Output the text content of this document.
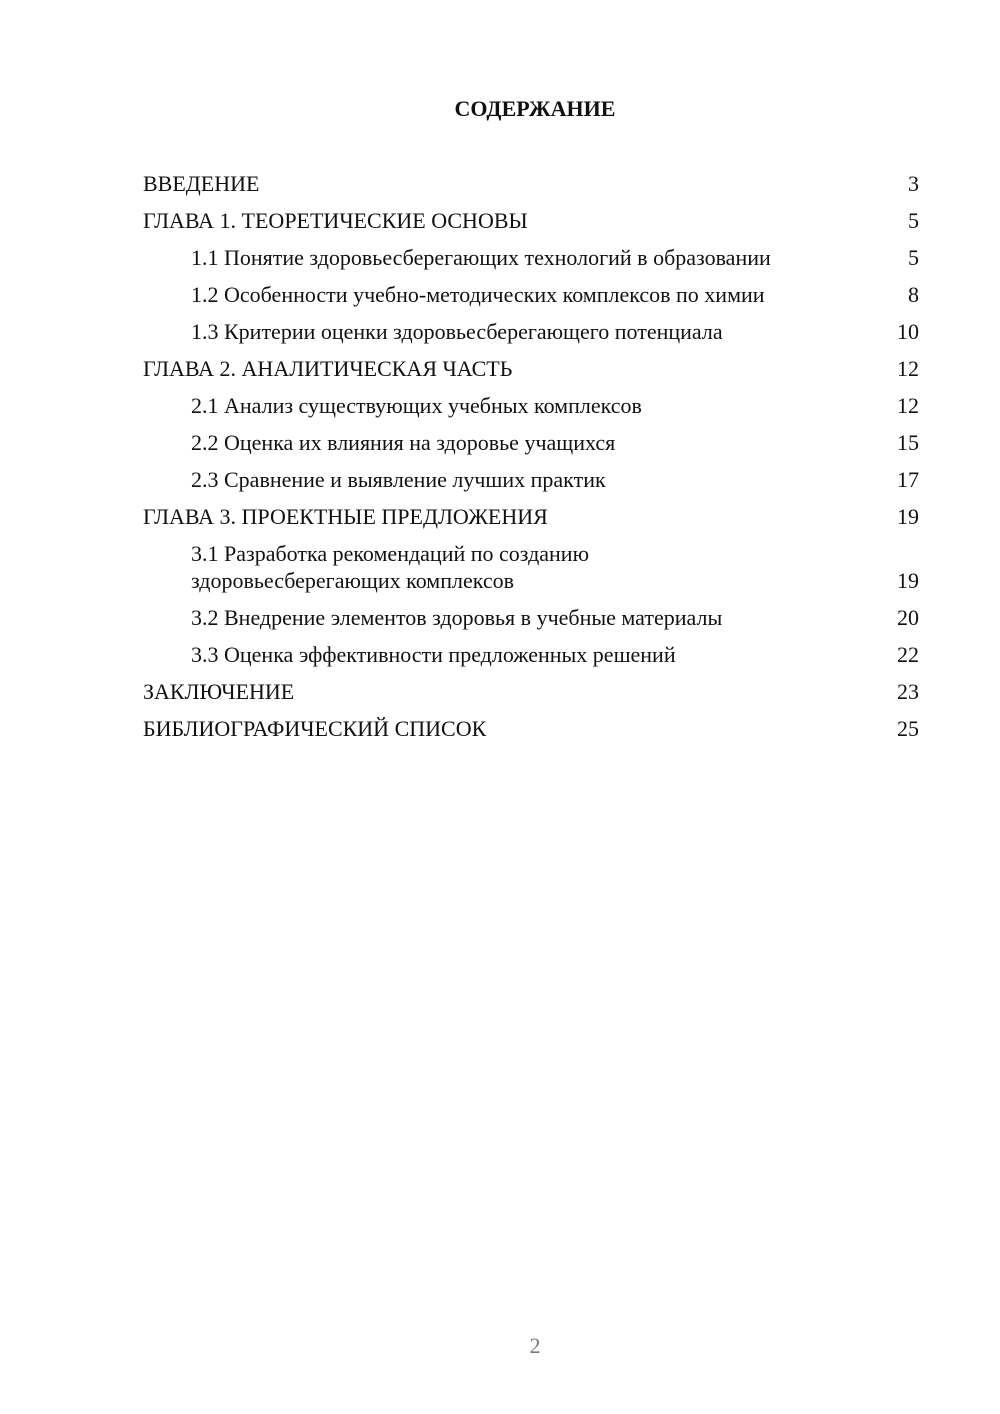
СОДЕРЖАНИЕ
ВВЕДЕНИЕ	3
ГЛАВА 1. ТЕОРЕТИЧЕСКИЕ ОСНОВЫ	5
1.1 Понятие здоровьесберегающих технологий в образовании	5
1.2 Особенности учебно-методических комплексов по химии	8
1.3 Критерии оценки здоровьесберегающего потенциала	10
ГЛАВА 2. АНАЛИТИЧЕСКАЯ ЧАСТЬ	12
2.1 Анализ существующих учебных комплексов	12
2.2 Оценка их влияния на здоровье учащихся	15
2.3 Сравнение и выявление лучших практик	17
ГЛАВА 3. ПРОЕКТНЫЕ ПРЕДЛОЖЕНИЯ	19
3.1 Разработка рекомендаций по созданию здоровьесберегающих комплексов	19
3.2 Внедрение элементов здоровья в учебные материалы	20
3.3 Оценка эффективности предложенных решений	22
ЗАКЛЮЧЕНИЕ	23
БИБЛИОГРАФИЧЕСКИЙ СПИСОК	25
2
